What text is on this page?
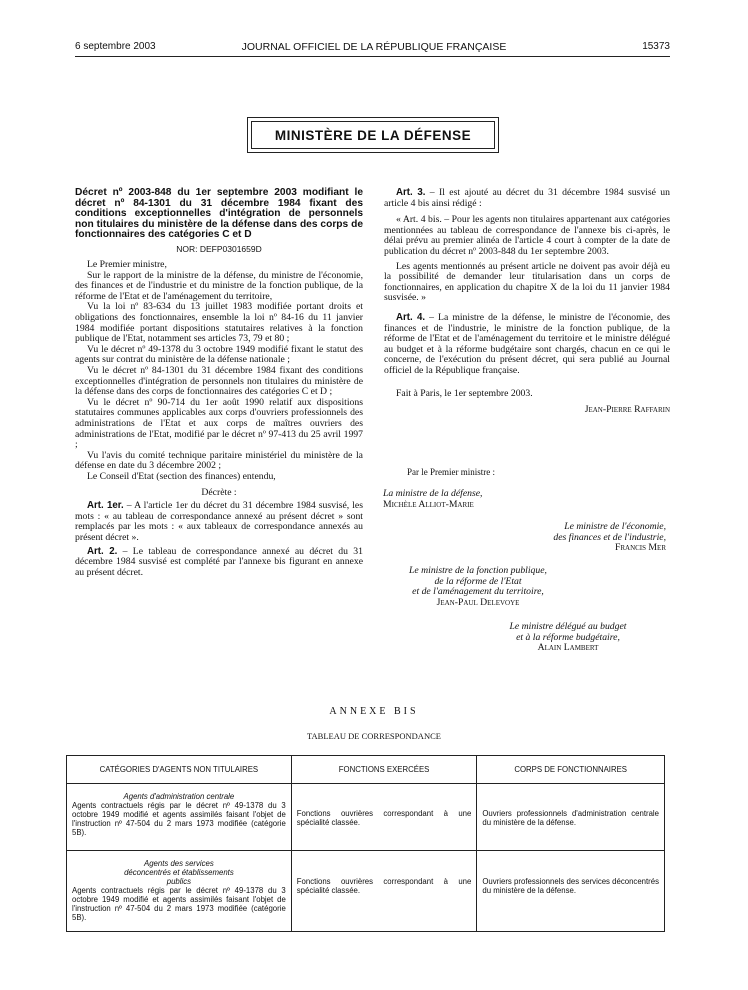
6 septembre 2003	JOURNAL OFFICIEL DE LA RÉPUBLIQUE FRANÇAISE	15373
MINISTÈRE DE LA DÉFENSE

Décret nº 2003-848 du 1er septembre 2003 modifiant le décret nº 84-1301 du 31 décembre 1984 fixant des conditions exceptionnelles d'intégration de personnels non titulaires du ministère de la défense dans des corps de fonctionnaires des catégories C et D

NOR: DEFP0301659D

Le Premier ministre,

Sur le rapport de la ministre de la défense, du ministre de l'économie, des finances et de l'industrie et du ministre de la fonction publique, de la réforme de l'Etat et de l'aménagement du territoire,

Vu la loi nº 83-634 du 13 juillet 1983 modifiée portant droits et obligations des fonctionnaires, ensemble la loi nº 84-16 du 11 janvier 1984 modifiée portant dispositions statutaires relatives à la fonction publique de l'Etat, notamment ses articles 73, 79 et 80 ;

Vu le décret nº 49-1378 du 3 octobre 1949 modifié fixant le statut des agents sur contrat du ministère de la défense nationale ;

Vu le décret nº 84-1301 du 31 décembre 1984 fixant des conditions exceptionnelles d'intégration de personnels non titulaires du ministère de la défense dans des corps de fonctionnaires des catégories C et D ;

Vu le décret nº 90-714 du 1er août 1990 relatif aux dispositions statutaires communes applicables aux corps d'ouvriers professionnels des administrations de l'Etat et aux corps de maîtres ouvriers des administrations de l'Etat, modifié par le décret nº 97-413 du 25 avril 1997 ;

Vu l'avis du comité technique paritaire ministériel du ministère de la défense en date du 3 décembre 2002 ;

Le Conseil d'Etat (section des finances) entendu,

Décrète :

Art. 1er. – A l'article 1er du décret du 31 décembre 1984 susvisé, les mots : « au tableau de correspondance annexé au présent décret » sont remplacés par les mots : « aux tableaux de correspondance annexés au présent décret ».

Art. 2. – Le tableau de correspondance annexé au décret du 31 décembre 1984 susvisé est complété par l'annexe bis figurant en annexe au présent décret.

Art. 3. – Il est ajouté au décret du 31 décembre 1984 susvisé un article 4 bis ainsi rédigé :

« Art. 4 bis. – Pour les agents non titulaires appartenant aux catégories mentionnées au tableau de correspondance de l'annexe bis ci-après, le délai prévu au premier alinéa de l'article 4 court à compter de la date de publication du décret nº 2003-848 du 1er septembre 2003.

Les agents mentionnés au présent article ne doivent pas avoir déjà eu la possibilité de demander leur titularisation dans un corps de fonctionnaires, en application du chapitre X de la loi du 11 janvier 1984 susvisée. »

Art. 4. – La ministre de la défense, le ministre de l'économie, des finances et de l'industrie, le ministre de la fonction publique, de la réforme de l'Etat et de l'aménagement du territoire et le ministre délégué au budget et à la réforme budgétaire sont chargés, chacun en ce qui le concerne, de l'exécution du présent décret, qui sera publié au Journal officiel de la République française.

Fait à Paris, le 1er septembre 2003.

Jean-Pierre Raffarin

Par le Premier ministre :

La ministre de la défense,

Michèle Alliot-Marie

Le ministre de l'économie,

des finances et de l'industrie,

Francis Mer

Le ministre de la fonction publique,

de la réforme de l'Etat

et de l'aménagement du territoire,

Jean-Paul Delevoye

Le ministre délégué au budget

et à la réforme budgétaire,

Alain Lambert

ANNEXE BIS
TABLEAU DE CORRESPONDANCE
CATÉGORIES D'AGENTS NON TITULAIRES	FONCTIONS EXERCÉES	CORPS DE FONCTIONNAIRES

Agents d'administration centrale
Agents contractuels régis par le décret nº 49-1378 du 3 octobre 1949 modifié et agents assimilés faisant l'objet de l'instruction nº 47-504 du 2 mars 1973 modifiée (catégorie 5B).	Fonctions ouvrières correspondant à une spécialité classée.	Ouvriers professionnels d'administration centrale du ministère de la défense.

Agents des services déconcentrés et établissements publics
Agents contractuels régis par le décret nº 49-1378 du 3 octobre 1949 modifié et agents assimilés faisant l'objet de l'instruction nº 47-504 du 2 mars 1973 modifiée (catégorie 5B).	Fonctions ouvrières correspondant à une spécialité classée.	Ouvriers professionnels des services déconcentrés du ministère de la défense.
